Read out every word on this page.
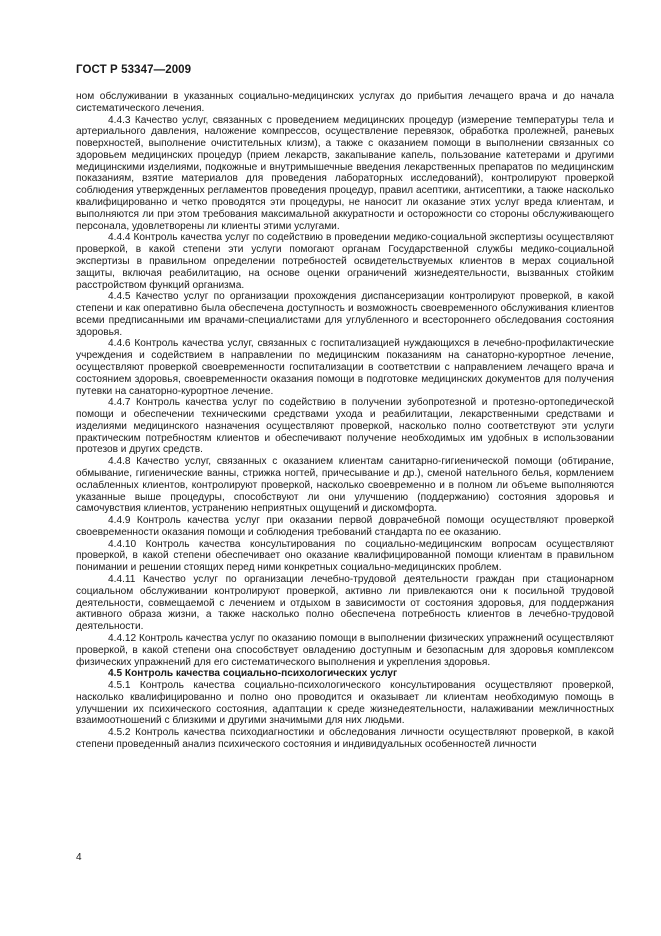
ГОСТ Р 53347—2009

ном обслуживании в указанных социально-медицинских услугах до прибытия лечащего врача и до начала систематического лечения.

4.4.3 Качество услуг, связанных с проведением медицинских процедур (измерение температуры тела и артериального давления, наложение компрессов, осуществление перевязок, обработка пролежней, раневых поверхностей, выполнение очистительных клизм), а также с оказанием помощи в выполнении связанных со здоровьем медицинских процедур (прием лекарств, закапывание капель, пользование катетерами и другими медицинскими изделиями, подкожные и внутримышечные введения лекарственных препаратов по медицинским показаниям, взятие материалов для проведения лабораторных исследований), контролируют проверкой соблюдения утвержденных регламентов проведения процедур, правил асептики, антисептики, а также насколько квалифицированно и четко проводятся эти процедуры, не наносит ли оказание этих услуг вреда клиентам, и выполняются ли при этом требования максимальной аккуратности и осторожности со стороны обслуживающего персонала, удовлетворены ли клиенты этими услугами.

4.4.4 Контроль качества услуг по содействию в проведении медико-социальной экспертизы осуществляют проверкой, в какой степени эти услуги помогают органам Государственной службы медико-социальной экспертизы в правильном определении потребностей освидетельствуемых клиентов в мерах социальной защиты, включая реабилитацию, на основе оценки ограничений жизнедеятельности, вызванных стойким расстройством функций организма.

4.4.5 Качество услуг по организации прохождения диспансеризации контролируют проверкой, в какой степени и как оперативно была обеспечена доступность и возможность своевременного обслуживания клиентов всеми предписанными им врачами-специалистами для углубленного и всестороннего обследования состояния здоровья.

4.4.6 Контроль качества услуг, связанных с госпитализацией нуждающихся в лечебно-профилактические учреждения и содействием в направлении по медицинским показаниям на санаторно-курортное лечение, осуществляют проверкой своевременности госпитализации в соответствии с направлением лечащего врача и состоянием здоровья, своевременности оказания помощи в подготовке медицинских документов для получения путевки на санаторно-курортное лечение.

4.4.7 Контроль качества услуг по содействию в получении зубопротезной и протезно-ортопедической помощи и обеспечении техническими средствами ухода и реабилитации, лекарственными средствами и изделиями медицинского назначения осуществляют проверкой, насколько полно соответствуют эти услуги практическим потребностям клиентов и обеспечивают получение необходимых им удобных в использовании протезов и других средств.

4.4.8 Качество услуг, связанных с оказанием клиентам санитарно-гигиенической помощи (обтирание, обмывание, гигиенические ванны, стрижка ногтей, причесывание и др.), сменой нательного белья, кормлением ослабленных клиентов, контролируют проверкой, насколько своевременно и в полном ли объеме выполняются указанные выше процедуры, способствуют ли они улучшению (поддержанию) состояния здоровья и самочувствия клиентов, устранению неприятных ощущений и дискомфорта.

4.4.9 Контроль качества услуг при оказании первой доврачебной помощи осуществляют проверкой своевременности оказания помощи и соблюдения требований стандарта по ее оказанию.

4.4.10 Контроль качества консультирования по социально-медицинским вопросам осуществляют проверкой, в какой степени обеспечивает оно оказание квалифицированной помощи клиентам в правильном понимании и решении стоящих перед ними конкретных социально-медицинских проблем.

4.4.11 Качество услуг по организации лечебно-трудовой деятельности граждан при стационарном социальном обслуживании контролируют проверкой, активно ли привлекаются они к посильной трудовой деятельности, совмещаемой с лечением и отдыхом в зависимости от состояния здоровья, для поддержания активного образа жизни, а также насколько полно обеспечена потребность клиентов в лечебно-трудовой деятельности.

4.4.12 Контроль качества услуг по оказанию помощи в выполнении физических упражнений осуществляют проверкой, в какой степени она способствует овладению доступным и безопасным для здоровья комплексом физических упражнений для его систематического выполнения и укрепления здоровья.

4.5 Контроль качества социально-психологических услуг

4.5.1 Контроль качества социально-психологического консультирования осуществляют проверкой, насколько квалифицированно и полно оно проводится и оказывает ли клиентам необходимую помощь в улучшении их психического состояния, адаптации к среде жизнедеятельности, налаживании межличностных взаимоотношений с близкими и другими значимыми для них людьми.

4.5.2 Контроль качества психодиагностики и обследования личности осуществляют проверкой, в какой степени проведенный анализ психического состояния и индивидуальных особенностей личности

4
